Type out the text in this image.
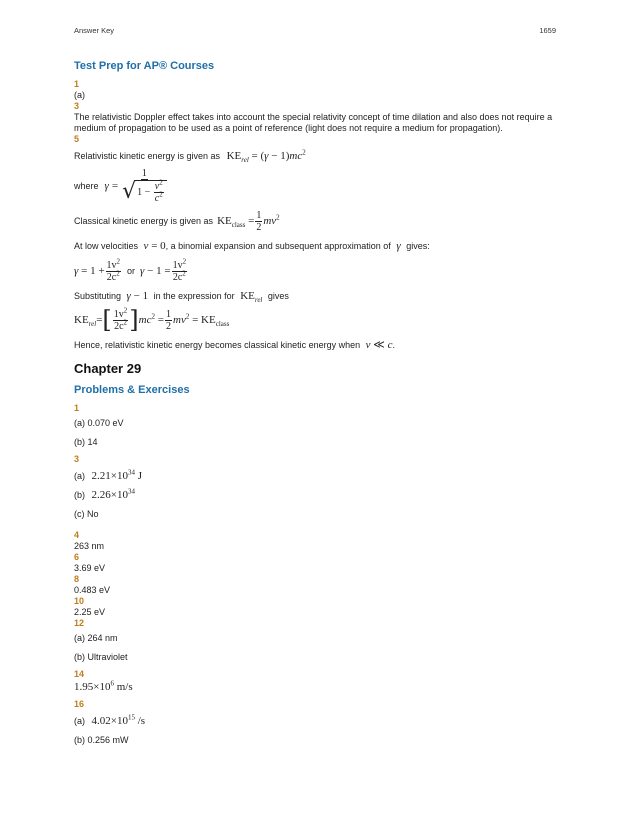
Answer Key	1659
Test Prep for AP® Courses
1

(a)

3

The relativistic Doppler effect takes into account the special relativity concept of time dilation and also does not require a medium of propagation to be used as a point of reference (light does not require a medium for propagation).

5

Relativistic kinetic energy is given as $KE_{rel} = (\gamma - 1)mc^2$

where γ = 1
√ 1
−
$\frac{v^2}{c^2}$
Classical kinetic energy is given as $KE_{class} = \frac{1}{2} mv^2$

At low velocities v = 0, a binomial expansion and subsequent approximation of γ gives:

$\gamma = 1 + \frac{1v^2}{2c^2}$ or $\gamma - 1 = \frac{1v^2}{2c^2}$

Substituting γ − 1 in the expression for $KE_{rel}$ gives

$KE_{rel}=$ [ $\frac{1v^2}{2c^2}$ ] $mc^2 = \frac{1}{2} mv^2 = KE_{class}$

Hence, relativistic kinetic energy becomes classical kinetic energy when v ≪ c.

Chapter 29
Problems & Exercises
1

(a) 0.070 eV

(b) 14

3

(a) $2.21\times 10^{34}$ J

(b) $2.26\times 10^{34}$

(c) No

4

263 nm

6

3.69 eV

8

0.483 eV

10

2.25 eV

12

(a) 264 nm

(b) Ultraviolet

14

$1.95\times 10^6$ m/s

16

(a) $4.02\times 10^{15}$ /s

(b) 0.256 mW
